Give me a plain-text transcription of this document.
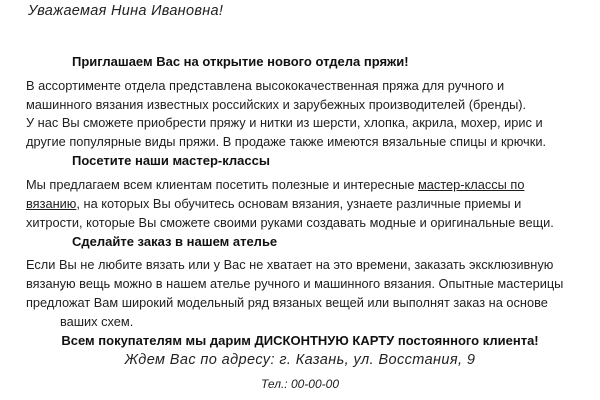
Уважаемая Нина Ивановна!

Приглашаем Вас на открытие нового отдела пряжи!

В ассортименте отдела представлена высококачественная пряжа для ручного и
машинного вязания известных российских и зарубежных производителей (бренды).
У нас Вы сможете приобрести пряжу и нитки из шерсти, хлопка, акрила, мохер, ирис и
другие популярные виды пряжи. В продаже также имеются вязальные спицы и крючки.

Посетите наши мастер-классы

Мы предлагаем всем клиентам посетить полезные и интересные мастер-классы по
вязанию, на которых Вы обучитесь основам вязания, узнаете различные приемы и
хитрости, которые Вы сможете своими руками создавать модные и оригинальные вещи.

Сделайте заказ в нашем ателье

Если Вы не любите вязать или у Вас не хватает на это времени, заказать эксклюзивную
вязаную вещь можно в нашем ателье ручного и машинного вязания. Опытные мастерицы
предложат Вам широкий модельный ряд вязаных вещей или выполнят заказ на основе
ваших схем.
Всем покупателям мы дарим ДИСКОНТНУЮ КАРТУ постоянного клиента!
Ждем Вас по адресу: г. Казань, ул. Восстания, 9
Тел.: 00-00-00
